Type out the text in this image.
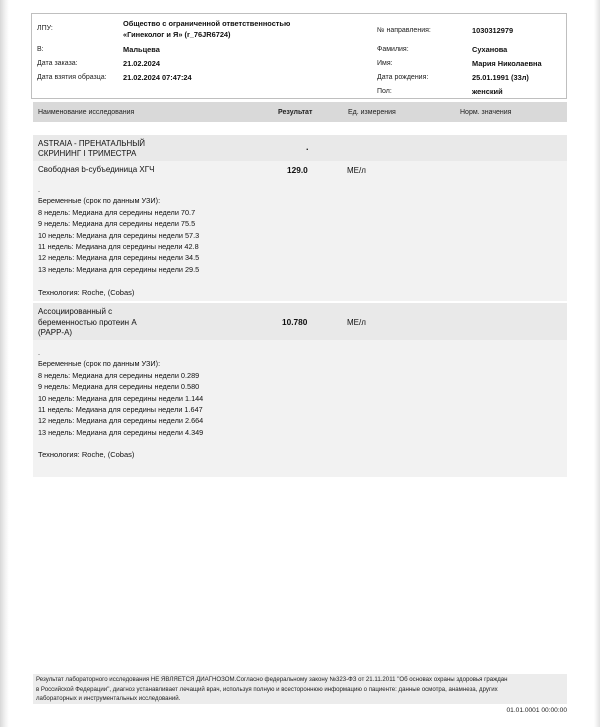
ЛПУ:
Общество с ограниченной ответственностью
«Гинеколог и Я» (r_76JR6724)
В:	Мальцева
Дата заказа:	21.02.2024
Дата взятия образца: 21.02.2024 07:47:24
№ направления:	1030312979
Фамилия:	Суханова
Имя:	Мария Николаевна
Дата рождения:	25.01.1991 (33л)
Пол:	женский
Наименование исследования	Результат	Ед. измерения	Норм. значения
ASTRAIA - ПРЕНАТАЛЬНЫЙ
СКРИНИНГ I ТРИМЕСТРА
.
Свободная b-субъединица ХГЧ	129.0	МЕ/л
.
Беременные (срок по данным УЗИ):
8 недель: Медиана для середины недели 70.7
9 недель: Медиана для середины недели 75.5
10 недель: Медиана для середины недели 57.3
11 недель: Медиана для середины недели 42.8
12 недель: Медиана для середины недели 34.5
13 недель: Медиана для середины недели 29.5
Технология: Roche, (Cobas)
Ассоциированный с
беременностью протеин А
(PAPP-A)
10.780	МЕ/л
.
Беременные (срок по данным УЗИ):
8 недель: Медиана для середины недели 0.289
9 недель: Медиана для середины недели 0.580
10 недель: Медиана для середины недели 1.144
11 недель: Медиана для середины недели 1.647
12 недель: Медиана для середины недели 2.664
13 недель: Медиана для середины недели 4.349
Технология: Roche, (Cobas)
Результат лабораторного исследования НЕ ЯВЛЯЕТСЯ ДИАГНОЗОМ.Согласно федеральному закону №323-ФЗ от 21.11.2011 "Об основах охраны здоровья граждан
в Российской Федерации", диагноз устанавливает лечащий врач, используя полную и всестороннюю информацию о пациенте: данные осмотра, анамнеза, других
лабораторных и инструментальных исследований.
01.01.0001 00:00:00
